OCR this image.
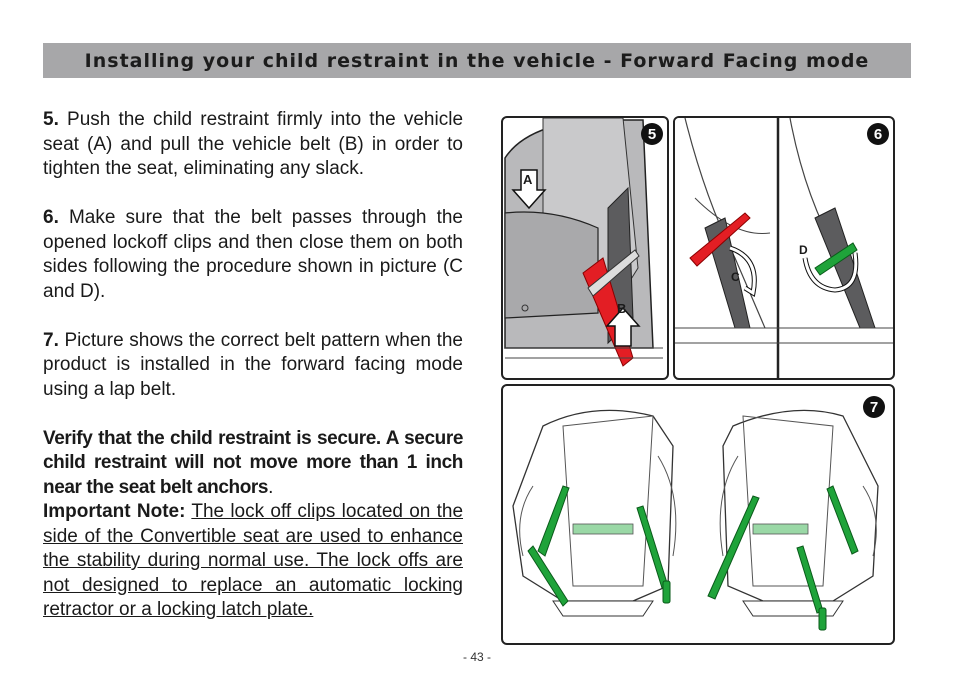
Installing your child restraint in the vehicle - Forward Facing mode

5. Push the child restraint firmly into the vehicle seat (A) and pull the vehicle belt (B) in order to tighten the seat, eliminating any slack.

6. Make sure that the belt passes through the opened lockoff clips and then close them on both sides following the procedure shown in picture (C and D).

7. Picture shows the correct belt pattern when the product is installed in the forward facing mode using a lap belt.

Verify that the child restraint is secure. A secure child restraint will not move more than 1 inch near the seat belt anchors.

Important Note: The lock off clips located on the side of the Convertible seat are used to enhance the stability during normal use. The lock offs are not designed to replace an automatic locking retractor or a locking latch plate.

A
B
5
C
D
6
7
- 43 -
